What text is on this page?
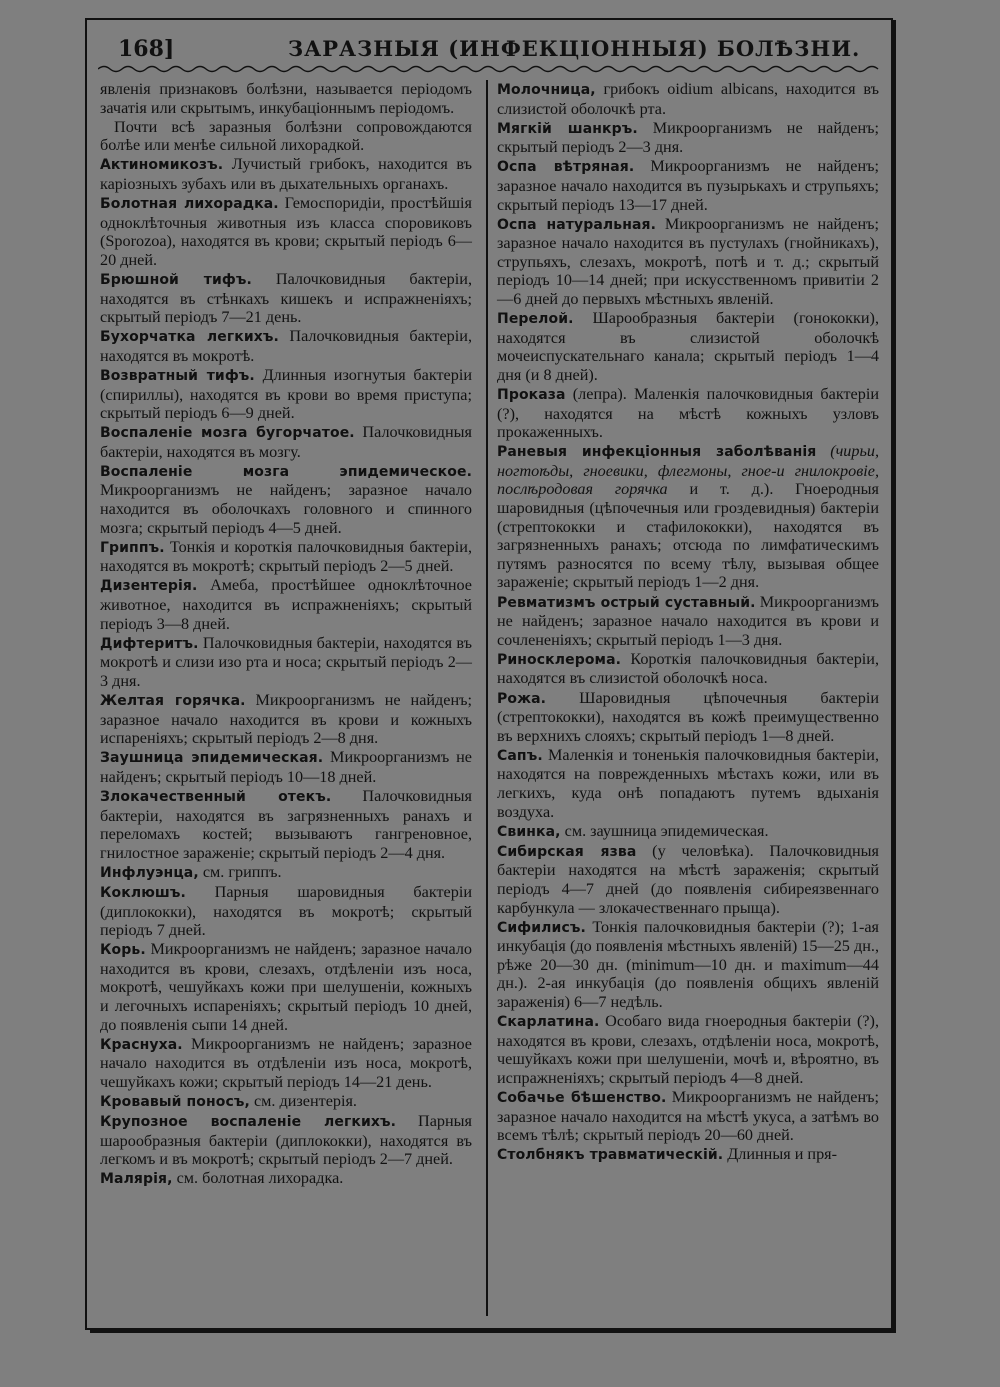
168]	ЗАРАЗНЫЯ (ИНФЕКЦІОННЫЯ) БОЛѢЗНИ.

явленія признаковъ болѣзни, называется періодомъ зачатія или скрытымъ, инкубаціоннымъ періодомъ.

Почти всѣ заразныя болѣзни сопровождаются болѣе или менѣе сильной лихорадкой.

Актиномикозъ. Лучистый грибокъ, находится въ каріозныхъ зубахъ или въ дыхательныхъ органахъ.

Болотная лихорадка. Гемоспоридіи, простѣйшія одноклѣточныя животныя изъ класса споровиковъ (Sporozoa), находятся въ крови; скрытый періодъ 6—20 дней.

Брюшной тифъ. Палочковидныя бактеріи, находятся въ стѣнкахъ кишекъ и испражненіяхъ; скрытый періодъ 7—21 день.

Бухорчатка легкихъ. Палочковидныя бактеріи, находятся въ мокротѣ.

Возвратный тифъ. Длинныя изогнутыя бактеріи (спириллы), находятся въ крови во время приступа; скрытый періодъ 6—9 дней.

Воспаленіе мозга бугорчатое. Палочковидныя бактеріи, находятся въ мозгу.

Воспаленіе мозга эпидемическое. Микроорганизмъ не найденъ; заразное начало находится въ оболочкахъ головного и спинного мозга; скрытый періодъ 4—5 дней.

Гриппъ. Тонкія и короткія палочковидныя бактеріи, находятся въ мокротѣ; скрытый періодъ 2—5 дней.

Дизентерія. Амеба, простѣйшее одноклѣточное животное, находится въ испражненіяхъ; скрытый періодъ 3—8 дней.

Дифтеритъ. Палочковидныя бактеріи, находятся въ мокротѣ и слизи изо рта и носа; скрытый періодъ 2—3 дня.

Желтая горячка. Микроорганизмъ не найденъ; заразное начало находится въ крови и кожныхъ испареніяхъ; скрытый періодъ 2—8 дня.

Заушница эпидемическая. Микроорганизмъ не найденъ; скрытый періодъ 10—18 дней.

Злокачественный отекъ. Палочковидныя бактеріи, находятся въ загрязненныхъ ранахъ и переломахъ костей; вызываютъ гангреновное, гнилостное зараженіе; скрытый періодъ 2—4 дня.

Инфлуэнца, см. гриппъ.

Коклюшъ. Парныя шаровидныя бактеріи (диплококки), находятся въ мокротѣ; скрытый періодъ 7 дней.

Корь. Микроорганизмъ не найденъ; заразное начало находится въ крови, слезахъ, отдѣленіи изъ носа, мокротѣ, чешуйкахъ кожи при шелушеніи, кожныхъ и легочныхъ испареніяхъ; скрытый періодъ 10 дней, до появленія сыпи 14 дней.

Краснуха. Микроорганизмъ не найденъ; заразное начало находится въ отдѣленіи изъ носа, мокротѣ, чешуйкахъ кожи; скрытый періодъ 14—21 день.

Кровавый поносъ, см. дизентерія.

Крупозное воспаленіе легкихъ. Парныя шарообразныя бактеріи (диплококки), находятся въ легкомъ и въ мокротѣ; скрытый періодъ 2—7 дней.

Малярія, см. болотная лихорадка.

Молочница, грибокъ oidium albicans, находится въ слизистой оболочкѣ рта.

Мягкій шанкръ. Микроорганизмъ не найденъ; скрытый періодъ 2—3 дня.

Оспа вѣтряная. Микроорганизмъ не найденъ; заразное начало находится въ пузырькахъ и струпьяхъ; скрытый періодъ 13—17 дней.

Оспа натуральная. Микроорганизмъ не найденъ; заразное начало находится въ пустулахъ (гнойникахъ), струпьяхъ, слезахъ, мокротѣ, потѣ и т. д.; скрытый періодъ 10—14 дней; при искусственномъ привитіи 2—6 дней до первыхъ мѣстныхъ явленій.

Перелой. Шарообразныя бактеріи (гонококки), находятся въ слизистой оболочкѣ мочеиспускательнаго канала; скрытый періодъ 1—4 дня (и 8 дней).

Проказа (лепра). Маленкія палочковидныя бактеріи (?), находятся на мѣстѣ кожныхъ узловъ прокаженныхъ.

Раневыя инфекціонныя заболѣванія (чирьи, ногтоѣды, гноевики, флегмоны, гноe-и гнилокровіе, послѣродовая горячка и т. д.). Гноеродныя шаровидныя (цѣпочечныя или гроздевидныя) бактеріи (стрептококки и стафилококки), находятся въ загрязненныхъ ранахъ; отсюда по лимфатическимъ путямъ разносятся по всему тѣлу, вызывая общее зараженіе; скрытый періодъ 1—2 дня.

Ревматизмъ острый суставный. Микроорганизмъ не найденъ; заразное начало находится въ крови и сочлененіяхъ; скрытый періодъ 1—3 дня.

Риносклерома. Короткія палочковидныя бактеріи, находятся въ слизистой оболочкѣ носа.

Рожа. Шаровидныя цѣпочечныя бактеріи (стрептококки), находятся въ кожѣ преимущественно въ верхнихъ слояхъ; скрытый періодъ 1—8 дней.

Сапъ. Маленкія и тоненькія палочковидныя бактеріи, находятся на поврежденныхъ мѣстахъ кожи, или въ легкихъ, куда онѣ попадаютъ путемъ вдыханія воздуха.

Свинка, см. заушница эпидемическая.

Сибирская язва (у человѣка). Палочковидныя бактеріи находятся на мѣстѣ зараженія; скрытый періодъ 4—7 дней (до появленія сибиреязвеннаго карбункула — злокачественнаго прыща).

Сифилисъ. Тонкія палочковидныя бактеріи (?); 1-ая инкубація (до появленія мѣстныхъ явленій) 15—25 дн., рѣже 20—30 дн. (minimum—10 дн. и maximum—44 дн.). 2-ая инкубація (до появленія общихъ явленій зараженія) 6—7 недѣль.

Скарлатина. Особаго вида гноеродныя бактеріи (?), находятся въ крови, слезахъ, отдѣленіи носа, мокротѣ, чешуйкахъ кожи при шелушеніи, мочѣ и, вѣроятно, въ испражненіяхъ; скрытый періодъ 4—8 дней.

Собачье бѣшенство. Микроорганизмъ не найденъ; заразное начало находится на мѣстѣ укуса, а затѣмъ во всемъ тѣлѣ; скрытый періодъ 20—60 дней.

Столбнякъ травматическій. Длинныя и пря-
